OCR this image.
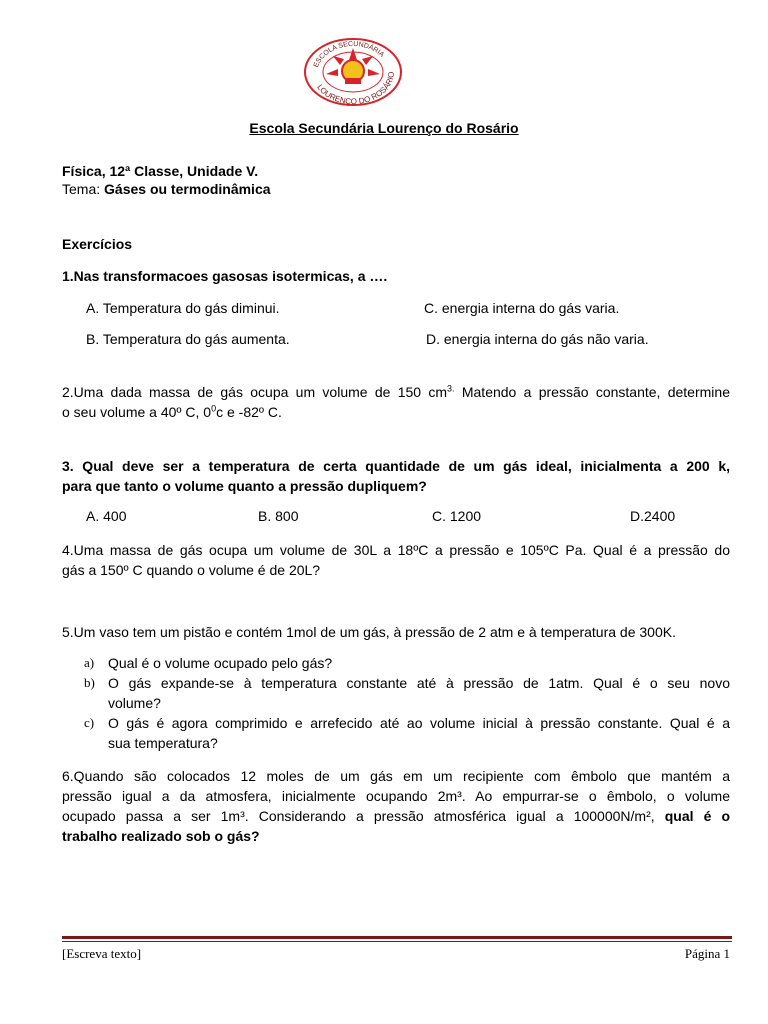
ESCOLA SECUNDÁRIA
LOURENÇO DO ROSÁRIO
Escola Secundária Lourenço do Rosário
Física, 12ª Classe, Unidade V.
Tema: Gáses ou termodinâmica
Exercícios
1.Nas transformacoes gasosas isotermicas, a ….
A. Temperatura do gás diminui.	C. energia interna do gás varia.
B. Temperatura do gás aumenta.	D. energia interna do gás não varia.
2.Uma dada massa de gás ocupa um volume de 150 $cm^{3.}$ Matendo a pressão constante, determine
o seu volume a 40º C, $0^0c$ e -82º C.
3. Qual deve ser a temperatura de certa quantidade de um gás ideal, inicialmenta a 200 k,
para que tanto o volume quanto a pressão dupliquem?
A. 400	B. 800	C. 1200	D.2400
4.Uma massa de gás ocupa um volume de 30L a 18ºC a pressão e 105ºC Pa. Qual é a pressão do
gás a 150º C quando o volume é de 20L?
5.Um vaso tem um pistão e contém 1mol de um gás, à pressão de 2 atm e à temperatura de 300K.
a) Qual é o volume ocupado pelo gás?
b) O gás expande-se à temperatura constante até à pressão de 1atm. Qual é o seu novo
volume?
c) O gás é agora comprimido e arrefecido até ao volume inicial à pressão constante. Qual é a
sua temperatura?
6.Quando são colocados 12 moles de um gás em um recipiente com êmbolo que mantém a
pressão igual a da atmosfera, inicialmente ocupando 2m³. Ao empurrar-se o êmbolo, o volume
ocupado passa a ser 1m³. Considerando a pressão atmosférica igual a 100000N/m², qual é o
trabalho realizado sob o gás?
[Escreva texto]	Página 1
